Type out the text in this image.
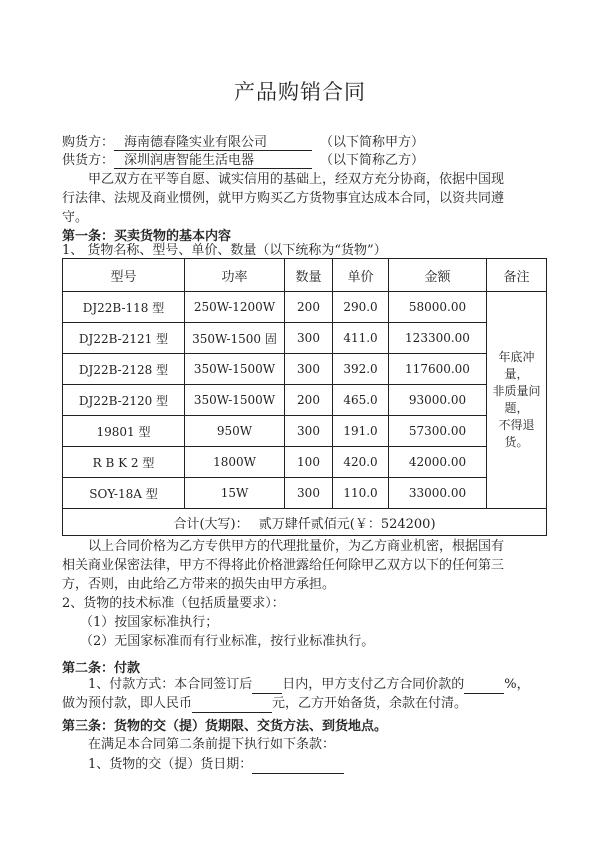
产品购销合同
购货方： 海南德春隆实业有限公司	（以下简称甲方）
供货方： 深圳润唐智能生活电器	（以下简称乙方）
甲乙双方在平等自愿、诚实信用的基础上，经双方充分协商，依据中国现
行法律、法规及商业惯例，就甲方购买乙方货物事宜达成本合同，以资共同遵
守。
第一条：买卖货物的基本内容
1、 货物名称、型号、单价、数量（以下统称为“货物”）
型号	功率	数量	单价	金额	备注
DJ22B-118 型	250W-1200W	200	290.0	58000.00	年底冲量，
非质量问题，
不得退货。

DJ22B-2121 型	350W-1500 固	300	411.0	123300.00	
DJ22B-2128 型	350W-1500W	300	392.0	117600.00	
DJ22B-2120 型	350W-1500W	200	465.0	93000.00	
19801 型	950W	300	191.0	57300.00	
R B K 2 型	1800W	100	420.0	42000.00	
SOY-18A 型	15W	300	110.0	33000.00	
合计(大写)： 贰万肆仟贰佰元(￥：524200)					
以上合同价格为乙方专供甲方的代理批量价，为乙方商业机密，根据国有
相关商业保密法律，甲方不得将此价格泄露给任何除甲乙双方以下的任何第三
方，否则，由此给乙方带来的损失由甲方承担。
2、货物的技术标准（包括质量要求）：
（1）按国家标准执行；
（2）无国家标准而有行业标准，按行业标准执行。
第二条：付款
1、付款方式：本合同签订后 日内，甲方支付乙方合同价款的	%，
做为预付款，即人民币	元，乙方开始备货，余款在付清。
第三条：货物的交（提）货期限、交货方法、到货地点。
在满足本合同第二条前提下执行如下条款：
1、货物的交（提）货日期：
